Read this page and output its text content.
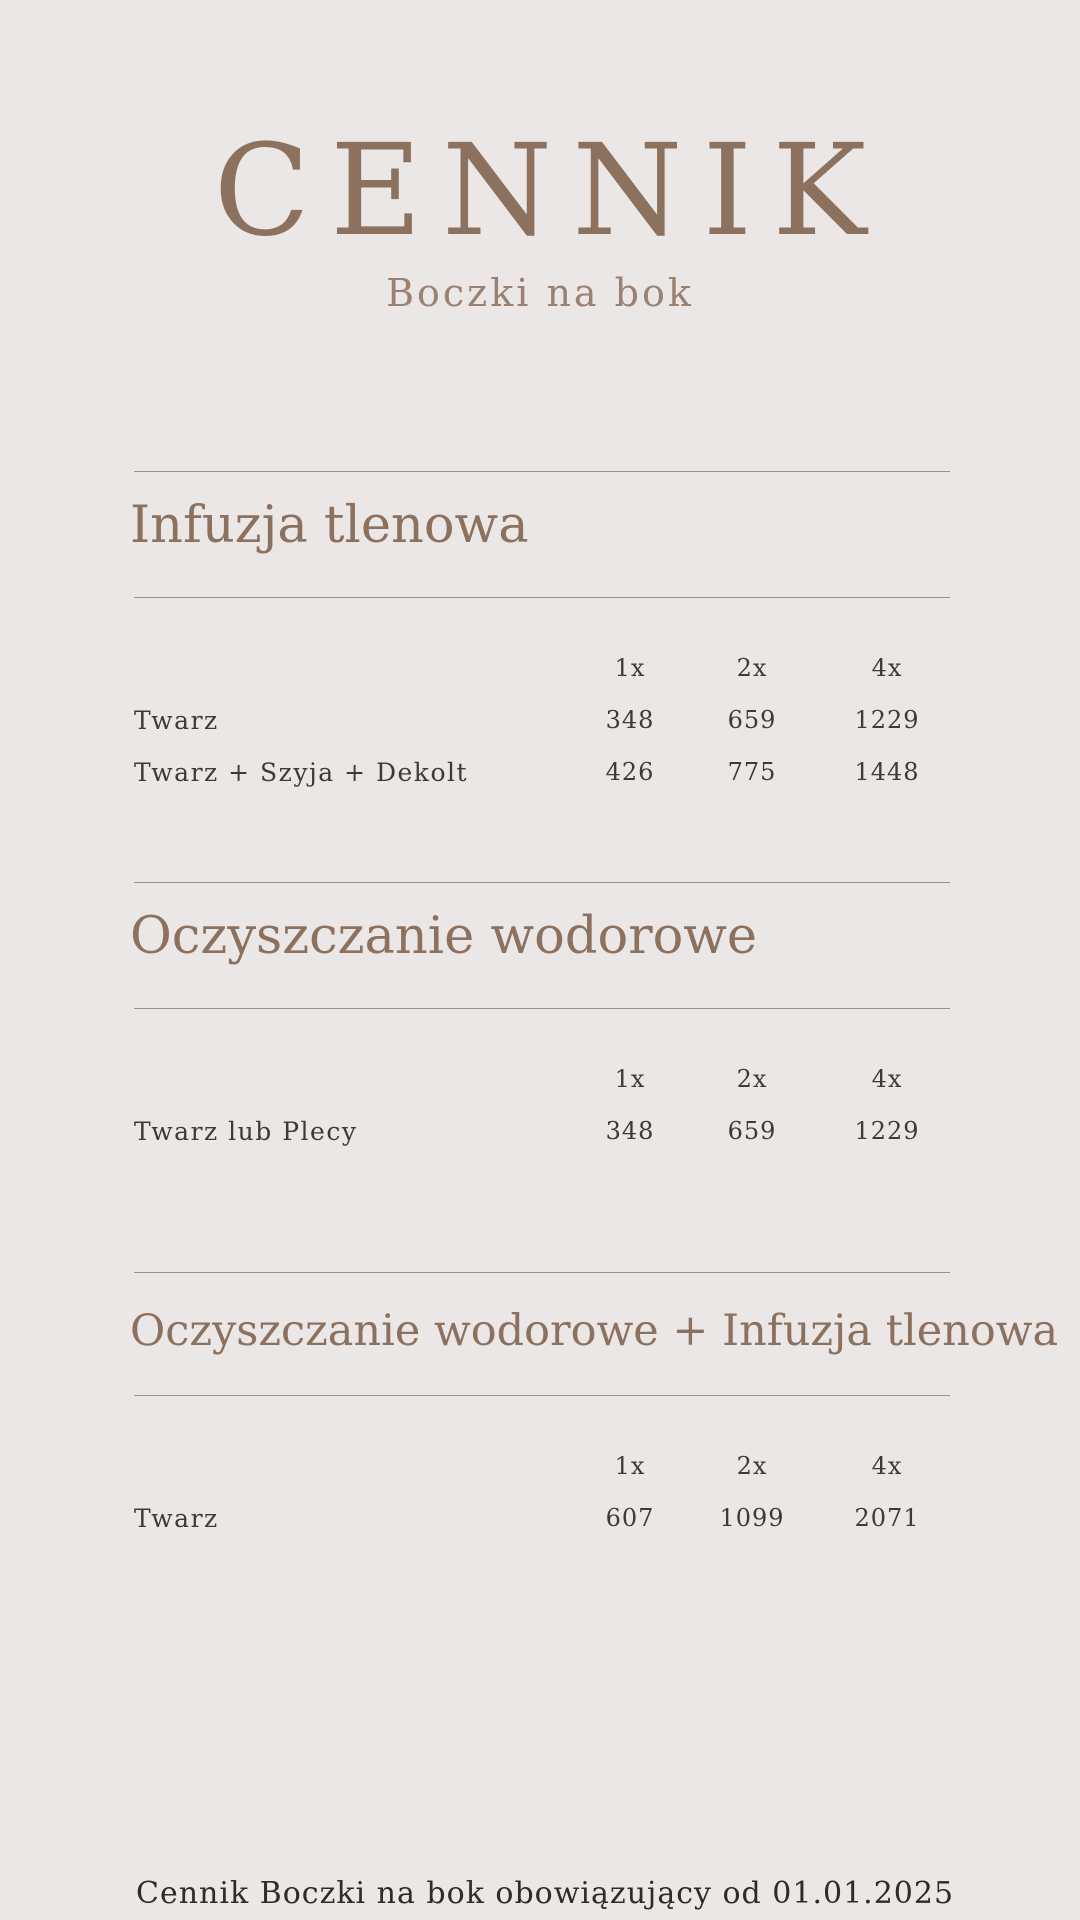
CENNIK
Boczki na bok
Infuzja tlenowa
1x	2x	4x
Twarz	348	659	1229
Twarz + Szyja + Dekolt	426	775	1448
Oczyszczanie wodorowe
1x	2x	4x
Twarz lub Plecy	348	659	1229
Oczyszczanie wodorowe + Infuzja tlenowa
1x	2x	4x
Twarz	607	1099	2071
Cennik Boczki na bok obowiązujący od 01.01.2025
